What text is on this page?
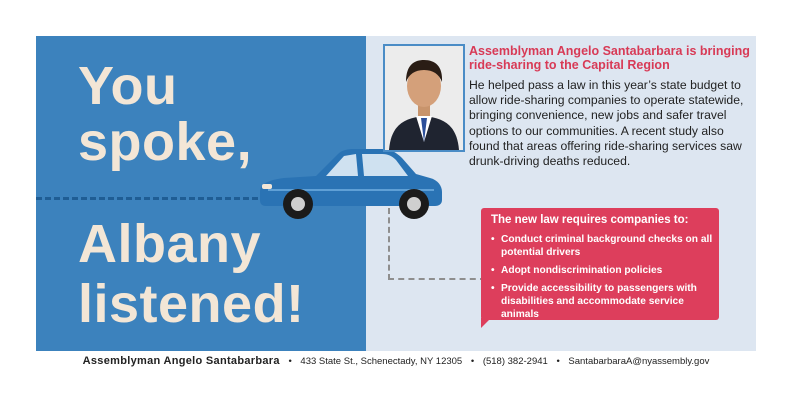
You
spoke,
Albany
listened!

Assemblyman Angelo Santabarbara is bringing ride-sharing to the Capital Region

He helped pass a law in this year’s state budget to allow ride-sharing companies to operate statewide, bringing convenience, new jobs and safer travel options to our communities. A recent study also found that areas offering ride-sharing services saw drunk-driving deaths reduced.

The new law requires companies to:

• Conduct criminal background checks on all potential drivers
• Adopt nondiscrimination policies
• Provide accessibility to passengers with disabilities and accommodate service animals
Assemblyman Angelo Santabarbara • 433 State St., Schenectady, NY 12305 • (518) 382-2941 • SantabarbaraA@nyassembly.gov
